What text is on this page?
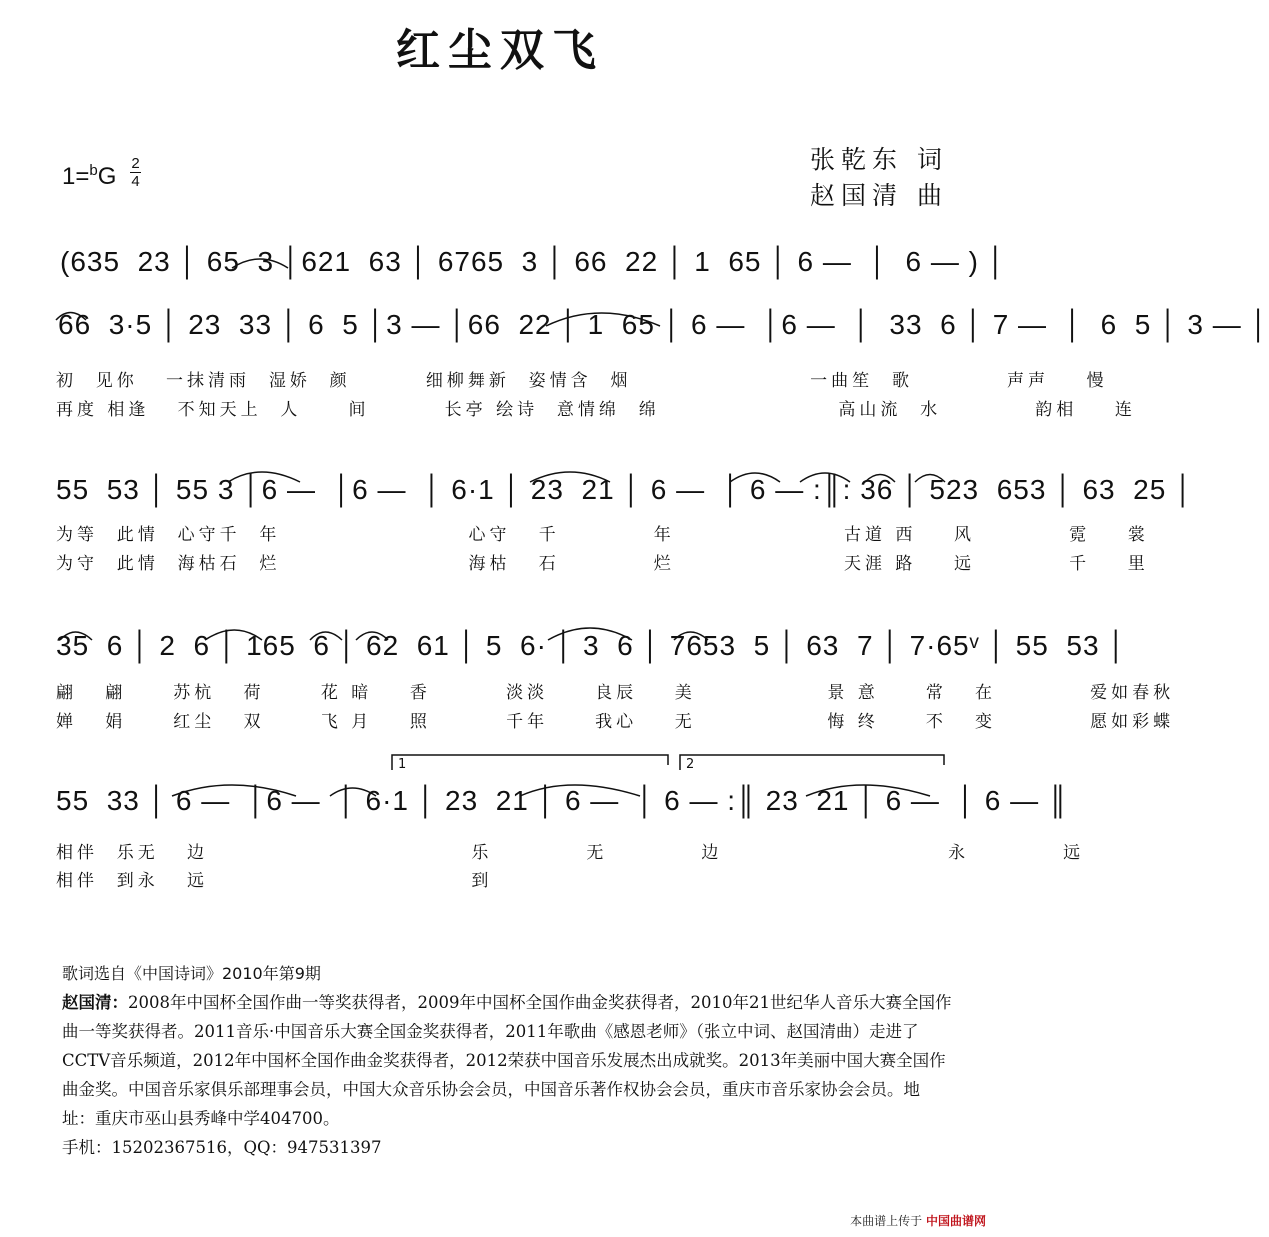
红尘双飞
1=$^b$G 2
4
张乾东 词
赵国清 曲
(635  23 │ 65  3 │621  63 │ 6765  3 │ 66  22 │ 1  65 │ 6 —  │  6 — ) │
66  3·5 │ 23  33 │ 6  5 │3 — │66  22 │ 1  65 │ 6 —  │6 —  │  33  6 │ 7 —  │  6  5 │ 3 — │
初  见你   一抹清雨  湿娇  颜        细柳舞新  姿情含  烟                   一曲笙  歌          声声    慢
再度 相逢   不知天上  人     间        长亭 绘诗  意情绵  绵                   高山流  水          韵相    连
55  53 │ 55 3 │6 —  │6 —  │ 6·1 │ 23  21 │ 6 —  │ 6 — :║: 36 │ 523  653 │ 63  25 │
为等  此情  心守千  年                    心守   千          年                  古道 西    风          霓    裳
为守  此情  海枯石  烂                    海枯   石          烂                  天涯 路    远          千    里
35  6 │ 2  6 │ 165  6 │ 62  61 │ 5  6· │ 3  6 │ 7653  5 │ 63  7 │ 7·65ᵛ │ 55  53 │
翩   翩     苏杭   荷      花 暗    香        淡淡     良辰    美              景 意     常   在          爱如春秋
婵   娟     红尘   双      飞 月    照        千年     我心    无              悔 终     不   变          愿如彩蝶
55  33 │ 6 —  │6 —  │ 6·1 │ 23  21 │ 6 —  │ 6 — :║ 23  21 │ 6 —  │ 6 — ║
相伴  乐无   边                            乐          无          边                        永          远
相伴  到永   远                            到
1	2
歌词选自《中国诗词》2010年第9期
赵国清：2008年中国杯全国作曲一等奖获得者，2009年中国杯全国作曲金奖获得者，2010年21世纪华人音乐大赛全国作曲一等奖获得者。2011音乐·中国音乐大赛全国金奖获得者，2011年歌曲《感恩老师》（张立中词、赵国清曲）走进了CCTV音乐频道，2012年中国杯全国作曲金奖获得者，2012荣获中国音乐发展杰出成就奖。2013年美丽中国大赛全国作曲金奖。中国音乐家俱乐部理事会员，中国大众音乐协会会员，中国音乐著作权协会会员，重庆市音乐家协会会员。地址：重庆市巫山县秀峰中学404700。
手机：15202367516，QQ：947531397
本曲谱上传于 中国曲谱网
